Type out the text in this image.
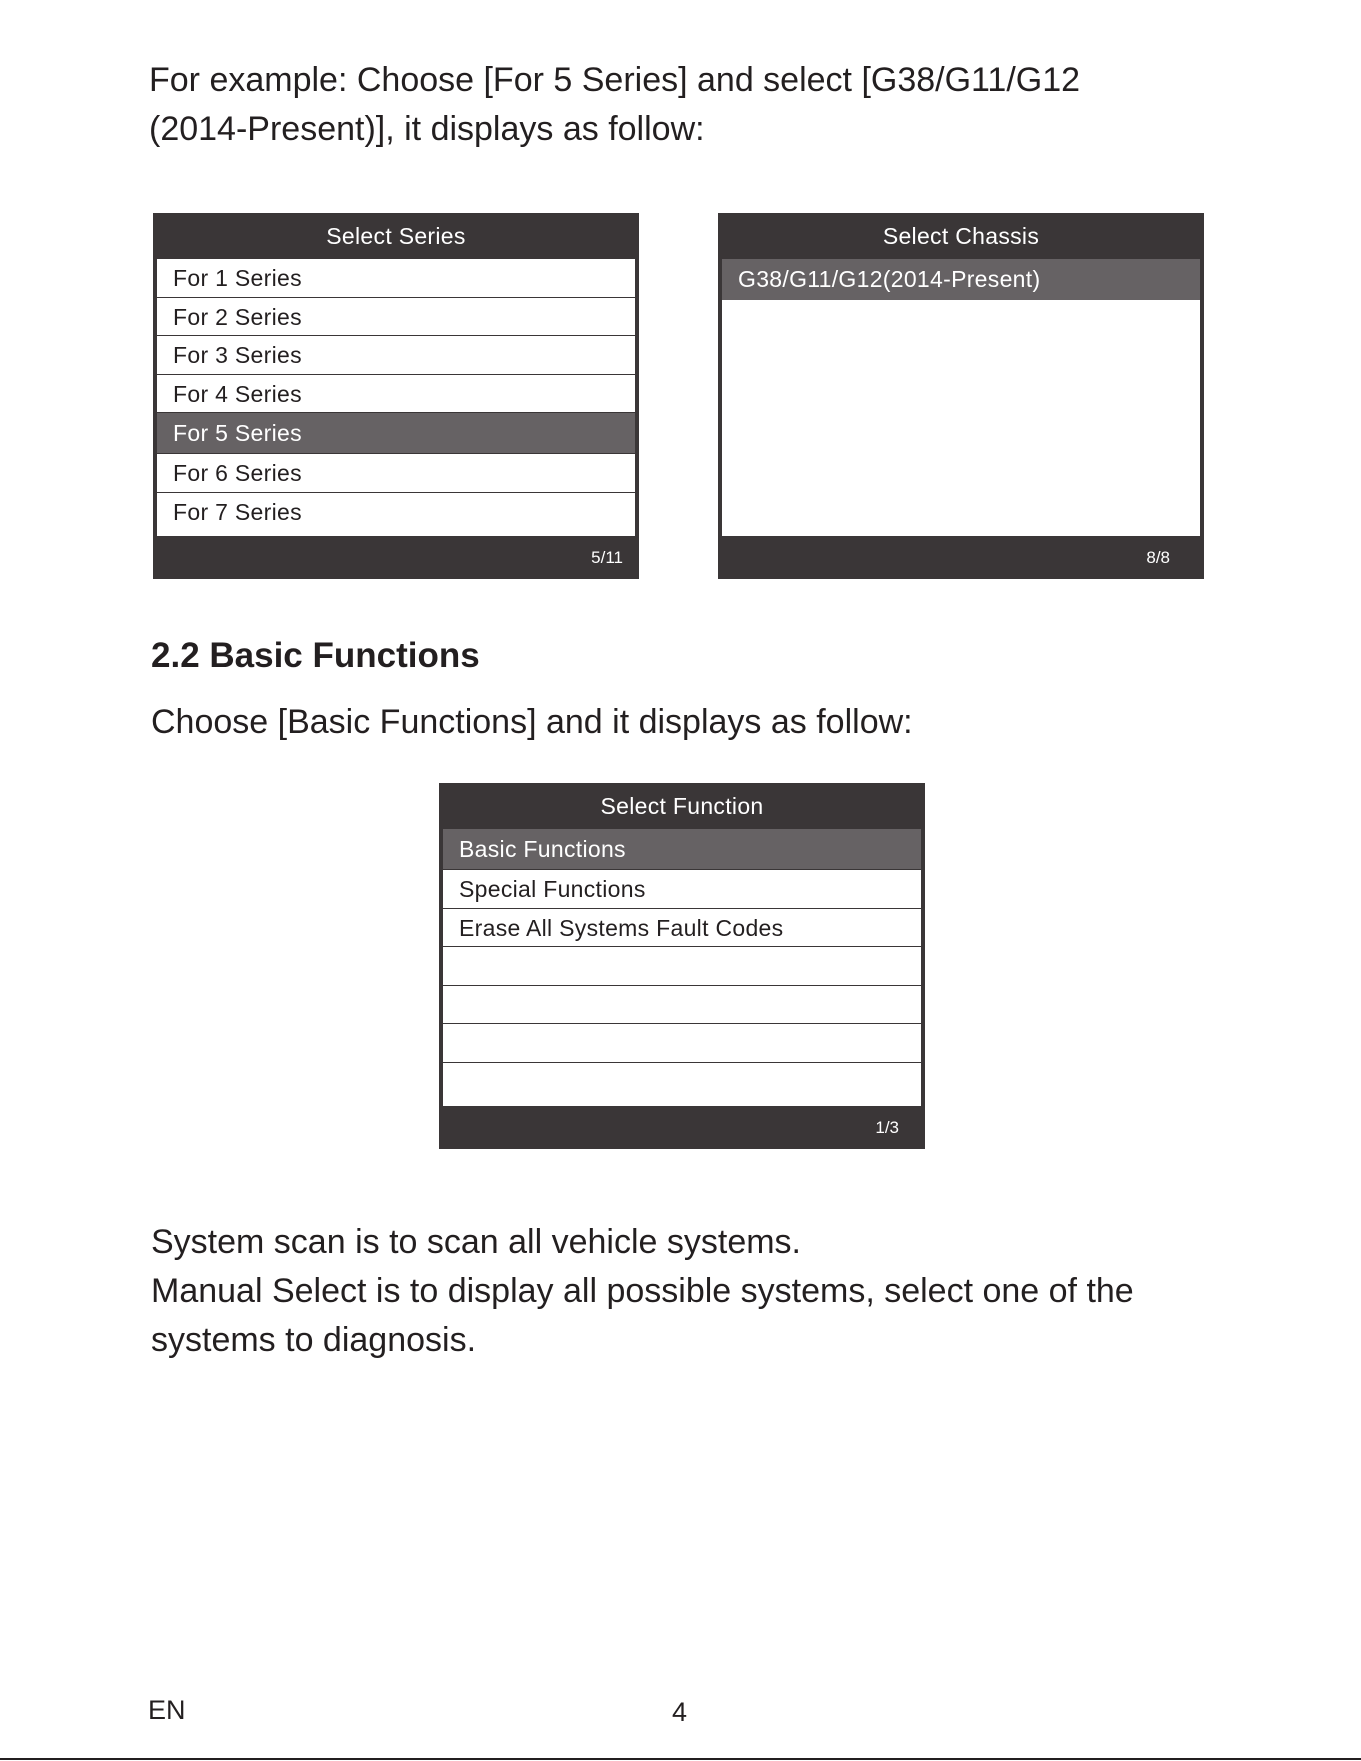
For example: Choose [For 5 Series] and select [G38/G11/G12
(2014-Present)], it displays as follow:

Select Series
For 1 Series
For 2 Series
For 3 Series
For 4 Series
For 5 Series
For 6 Series
For 7 Series
5/11
Select Chassis
G38/G11/G12(2014-Present)
8/8
2.2 Basic Functions

Choose [Basic Functions] and it displays as follow:

Select Function
Basic Functions
Special Functions
Erase All Systems Fault Codes
1/3

System scan is to scan all vehicle systems.
Manual Select is to display all possible systems, select one of the
systems to diagnosis.

EN	4
